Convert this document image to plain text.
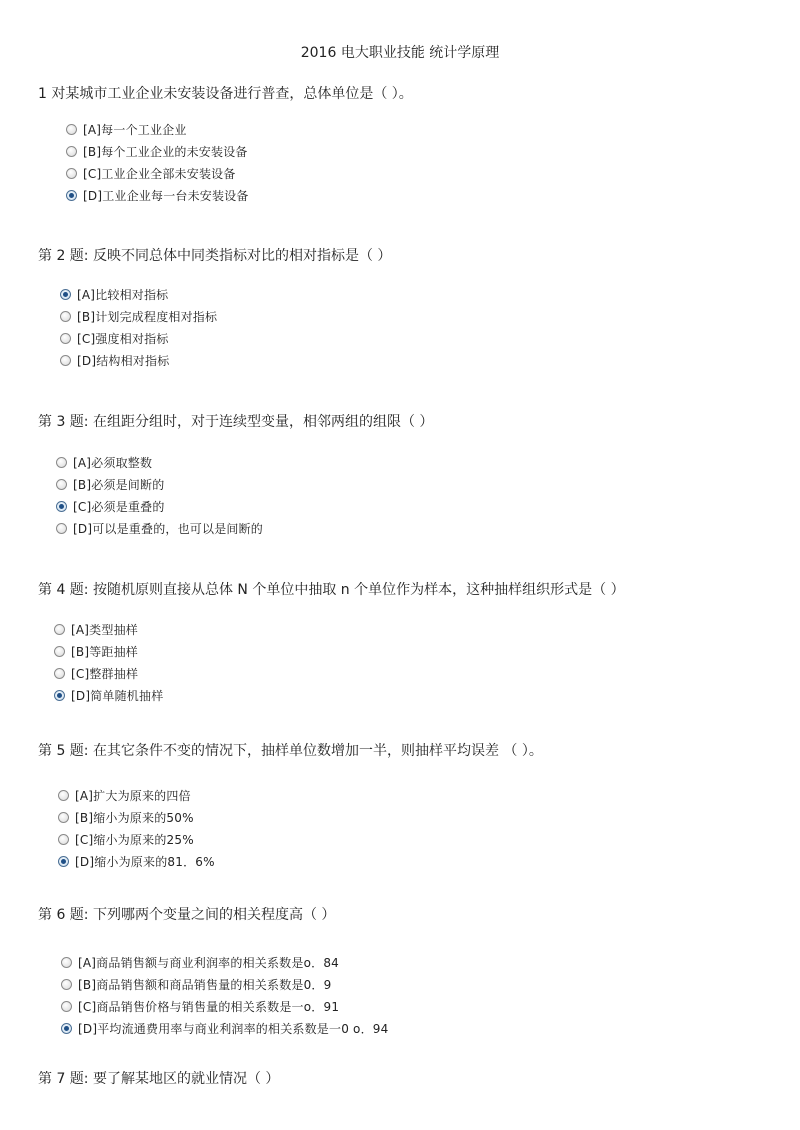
2016 电大职业技能 统计学原理
1 对某城市工业企业未安装设备进行普查，总体单位是（ ）。
[A]每一个工业企业
[B]每个工业企业的未安装设备
[C]工业企业全部未安装设备
[D]工业企业每一台未安装设备
第 2 题: 反映不同总体中同类指标对比的相对指标是（ ）
[A]比较相对指标
[B]计划完成程度相对指标
[C]强度相对指标
[D]结构相对指标
第 3 题: 在组距分组时，对于连续型变量，相邻两组的组限（ ）
[A]必须取整数
[B]必须是间断的
[C]必须是重叠的
[D]可以是重叠的，也可以是间断的
第 4 题: 按随机原则直接从总体 N 个单位中抽取 n 个单位作为样本，这种抽样组织形式是（ ）
[A]类型抽样
[B]等距抽样
[C]整群抽样
[D]简单随机抽样
第 5 题: 在其它条件不变的情况下，抽样单位数增加一半，则抽样平均误差 （ ）。
[A]扩大为原来的四倍
[B]缩小为原来的50%
[C]缩小为原来的25%
[D]缩小为原来的81．6%
第 6 题: 下列哪两个变量之间的相关程度高（ ）
[A]商品销售额与商业利润率的相关系数是o．84
[B]商品销售额和商品销售量的相关系数是0．9
[C]商品销售价格与销售量的相关系数是一o．91
[D]平均流通费用率与商业利润率的相关系数是一0 o．94
第 7 题: 要了解某地区的就业情况（ ）
